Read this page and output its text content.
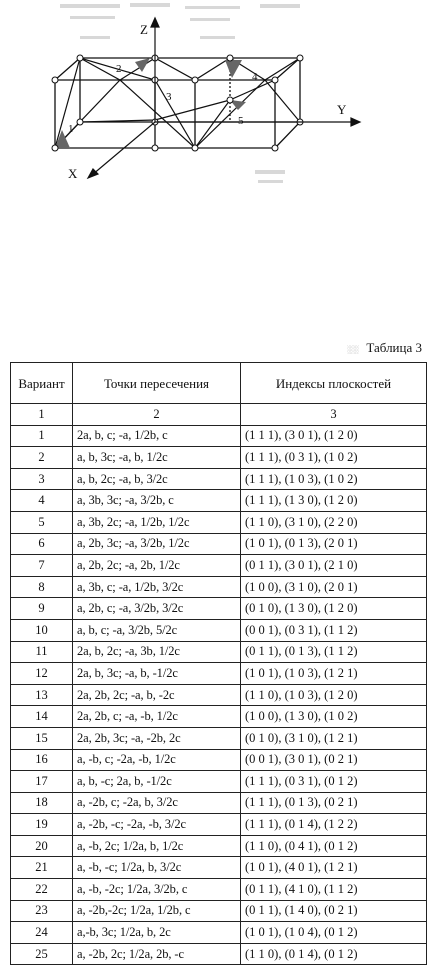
Z
Y
X
1
2
3
4
5
░░ Таблица 3
Вариант	Точки пересечения	Индексы плоскостей
1	2	3
1	2a, b, c; -a, 1/2b, c	(1 1 1), (3 0 1), (1 2 0)
2	a, b, 3c; -a, b, 1/2c	(1 1 1), (0 3 1), (1 0 2)
3	a, b, 2c; -a, b, 3/2c	(1 1 1), (1 0 3), (1 0 2)
4	a, 3b, 3c; -a, 3/2b, c	(1 1 1), (1 3 0), (1 2 0)
5	a, 3b, 2c; -a, 1/2b, 1/2c	(1 1 0), (3 1 0), (2 2 0)
6	a, 2b, 3c; -a, 3/2b, 1/2c	(1 0 1), (0 1 3), (2 0 1)
7	a, 2b, 2c; -a, 2b, 1/2c	(0 1 1), (3 0 1), (2 1 0)
8	a, 3b, c; -a, 1/2b, 3/2c	(1 0 0), (3 1 0), (2 0 1)
9	a, 2b, c; -a, 3/2b, 3/2c	(0 1 0), (1 3 0), (1 2 0)
10	a, b, c; -a, 3/2b, 5/2c	(0 0 1), (0 3 1), (1 1 2)
11	2a, b, 2c; -a, 3b, 1/2c	(0 1 1), (0 1 3), (1 1 2)
12	2a, b, 3c; -a, b, -1/2c	(1 0 1), (1 0 3), (1 2 1)
13	2a, 2b, 2c; -a, b, -2c	(1 1 0), (1 0 3), (1 2 0)
14	2a, 2b, c; -a, -b, 1/2c	(1 0 0), (1 3 0), (1 0 2)
15	2a, 2b, 3c; -a, -2b, 2c	(0 1 0), (3 1 0), (1 2 1)
16	a, -b, c; -2a, -b, 1/2c	(0 0 1), (3 0 1), (0 2 1)
17	a, b, -c; 2a, b, -1/2c	(1 1 1), (0 3 1), (0 1 2)
18	a, -2b, c; -2a, b, 3/2c	(1 1 1), (0 1 3), (0 2 1)
19	a, -2b, -c; -2a, -b, 3/2c	(1 1 1), (0 1 4), (1 2 2)
20	a, -b, 2c; 1/2a, b, 1/2c	(1 1 0), (0 4 1), (0 1 2)
21	a, -b, -c; 1/2a, b, 3/2c	(1 0 1), (4 0 1), (1 2 1)
22	a, -b, -2c; 1/2a, 3/2b, c	(0 1 1), (4 1 0), (1 1 2)
23	a, -2b,-2c; 1/2a, 1/2b, c	(0 1 1), (1 4 0), (0 2 1)
24	a,-b, 3c; 1/2a, b, 2c	(1 0 1), (1 0 4), (0 1 2)
25	a, -2b, 2c; 1/2a, 2b, -c	(1 1 0), (0 1 4), (0 1 2)
